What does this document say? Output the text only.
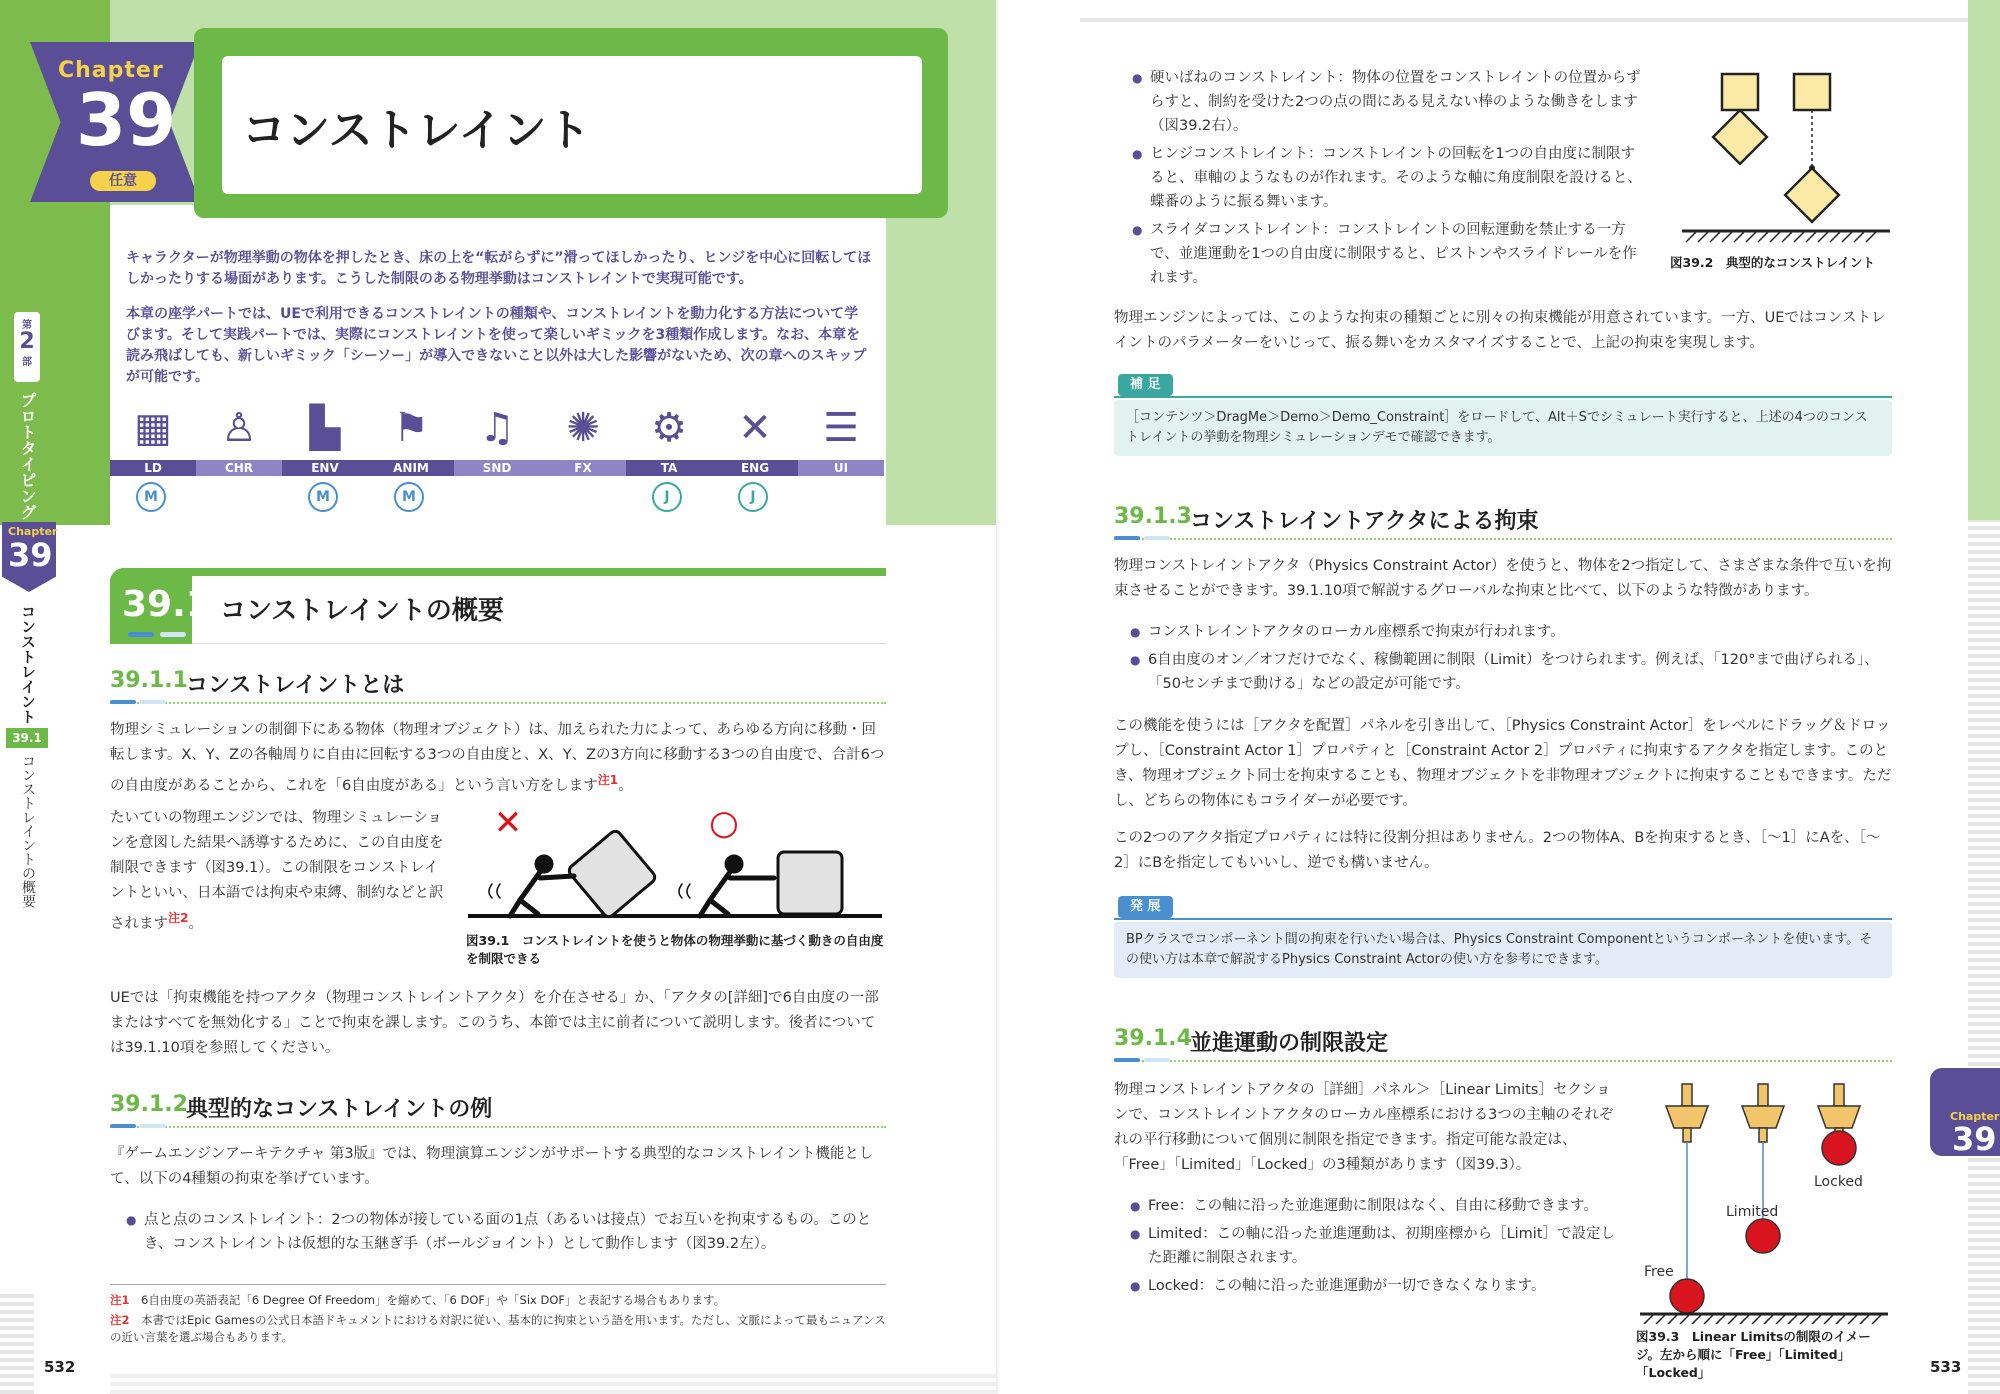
Chapter
39
任意
コンストレイント
キャラクターが物理挙動の物体を押したとき、床の上を“転がらずに”滑ってほしかったり、ヒンジを中心に回転してほしかったりする場面があります。こうした制限のある物理挙動はコンストレイントで実現可能です。
本章の座学パートでは、UEで利用できるコンストレイントの種類や、コンストレイントを動力化する方法について学びます。そして実践パートでは、実際にコンストレイントを使って楽しいギミックを3種類作成します。なお、本章を読み飛ばしても、新しいギミック「シーソー」が導入できないこと以外は大した影響がないため、次の章へのスキップが可能です。
第
2
部
プロトタイピング
Chapter
39
コンストレイント
39.1
コンストレイントの概要
▦
LD
M
♙
CHR
▙
ENV
M
⚑
ANIM
M
♫
SND
✺
FX
⚙
TA
J
✕
ENG
J
☰
UI
39.1 コンストレイントの概要
39.1.1
コンストレイントとは
物理シミュレーションの制御下にある物体（物理オブジェクト）は、加えられた力によって、あらゆる方向に移動・回転します。X、Y、Zの各軸周りに自由に回転する3つの自由度と、X、Y、Zの3方向に移動する3つの自由度で、合計6つの自由度があることから、これを「6自由度がある」という言い方をします$^{注1}$。
たいていの物理エンジンでは、物理シミュレーションを意図した結果へ誘導するために、この自由度を制限できます（図39.1）。この制限をコンストレイントといい、日本語では拘束や束縛、制約などと訳されます$^{注2}$。
✕	○
図39.1　コンストレイントを使うと物体の物理挙動に基づく動きの自由度を制限できる
UEでは「拘束機能を持つアクタ（物理コンストレイントアクタ）を介在させる」か、「アクタの[詳細]で6自由度の一部またはすべてを無効化する」ことで拘束を課します。このうち、本節では主に前者について説明します。後者については39.1.10項を参照してください。
39.1.2
典型的なコンストレイントの例
『ゲームエンジンアーキテクチャ 第3版』では、物理演算エンジンがサポートする典型的なコンストレイント機能として、以下の4種類の拘束を挙げています。
● 点と点のコンストレイント：2つの物体が接している面の1点（あるいは接点）でお互いを拘束するもの。このとき、コンストレイントは仮想的な玉継ぎ手（ボールジョイント）として動作します（図39.2左）。
注1　 6自由度の英語表記「6 Degree Of Freedom」を縮めて、「6 DOF」や「Six DOF」と表記する場合もあります。
注2　 本書ではEpic Gamesの公式日本語ドキュメントにおける対訳に従い、基本的に拘束という語を用います。ただし、文脈によって最もニュアンスの近い言葉を選ぶ場合もあります。
532
● 硬いばねのコンストレイント：物体の位置をコンストレイントの位置からずらすと、制約を受けた2つの点の間にある見えない棒のような働きをします（図39.2右）。
● ヒンジコンストレイント：コンストレイントの回転を1つの自由度に制限すると、車軸のようなものが作れます。そのような軸に角度制限を設けると、蝶番のように振る舞います。
● スライダコンストレイント：コンストレイントの回転運動を禁止する一方で、並進運動を1つの自由度に制限すると、ピストンやスライドレールを作れます。
図39.2　典型的なコンストレイント
物理エンジンによっては、このような拘束の種類ごとに別々の拘束機能が用意されています。一方、UEではコンストレイントのパラメーターをいじって、振る舞いをカスタマイズすることで、上記の拘束を実現します。
補 足
［コンテンツ＞DragMe＞Demo＞Demo_Constraint］をロードして、Alt＋Sでシミュレート実行すると、上述の4つのコンストレイントの挙動を物理シミュレーションデモで確認できます。
39.1.3
コンストレイントアクタによる拘束
物理コンストレイントアクタ（Physics Constraint Actor）を使うと、物体を2つ指定して、さまざまな条件で互いを拘束させることができます。39.1.10項で解説するグローバルな拘束と比べて、以下のような特徴があります。
● コンストレイントアクタのローカル座標系で拘束が行われます。
● 6自由度のオン／オフだけでなく、稼働範囲に制限（Limit）をつけられます。例えば、「120°まで曲げられる」、「50センチまで動ける」などの設定が可能です。
この機能を使うには［アクタを配置］パネルを引き出して、［Physics Constraint Actor］をレベルにドラッグ＆ドロップし、［Constraint Actor 1］プロパティと［Constraint Actor 2］プロパティに拘束するアクタを指定します。このとき、物理オブジェクト同士を拘束することも、物理オブジェクトを非物理オブジェクトに拘束することもできます。ただし、どちらの物体にもコライダーが必要です。
この2つのアクタ指定プロパティには特に役割分担はありません。2つの物体A、Bを拘束するとき、［～1］にAを、［～2］にBを指定してもいいし、逆でも構いません。
発 展
BPクラスでコンポーネント間の拘束を行いたい場合は、Physics Constraint Componentというコンポーネントを使います。その使い方は本章で解説するPhysics Constraint Actorの使い方を参考にできます。
39.1.4
並進運動の制限設定
物理コンストレイントアクタの［詳細］パネル＞［Linear Limits］セクションで、コンストレイントアクタのローカル座標系における3つの主軸のそれぞれの平行移動について個別に制限を指定できます。指定可能な設定は、「Free」「Limited」「Locked」の3種類があります（図39.3）。
● Free：この軸に沿った並進運動に制限はなく、自由に移動できます。
● Limited：この軸に沿った並進運動は、初期座標から［Limit］で設定した距離に制限されます。
● Locked：この軸に沿った並進運動が一切できなくなります。
Free
Limited
Locked
図39.3　Linear Limitsの制限のイメージ。左から順に「Free」「Limited」「Locked」
Chapter
39
533
